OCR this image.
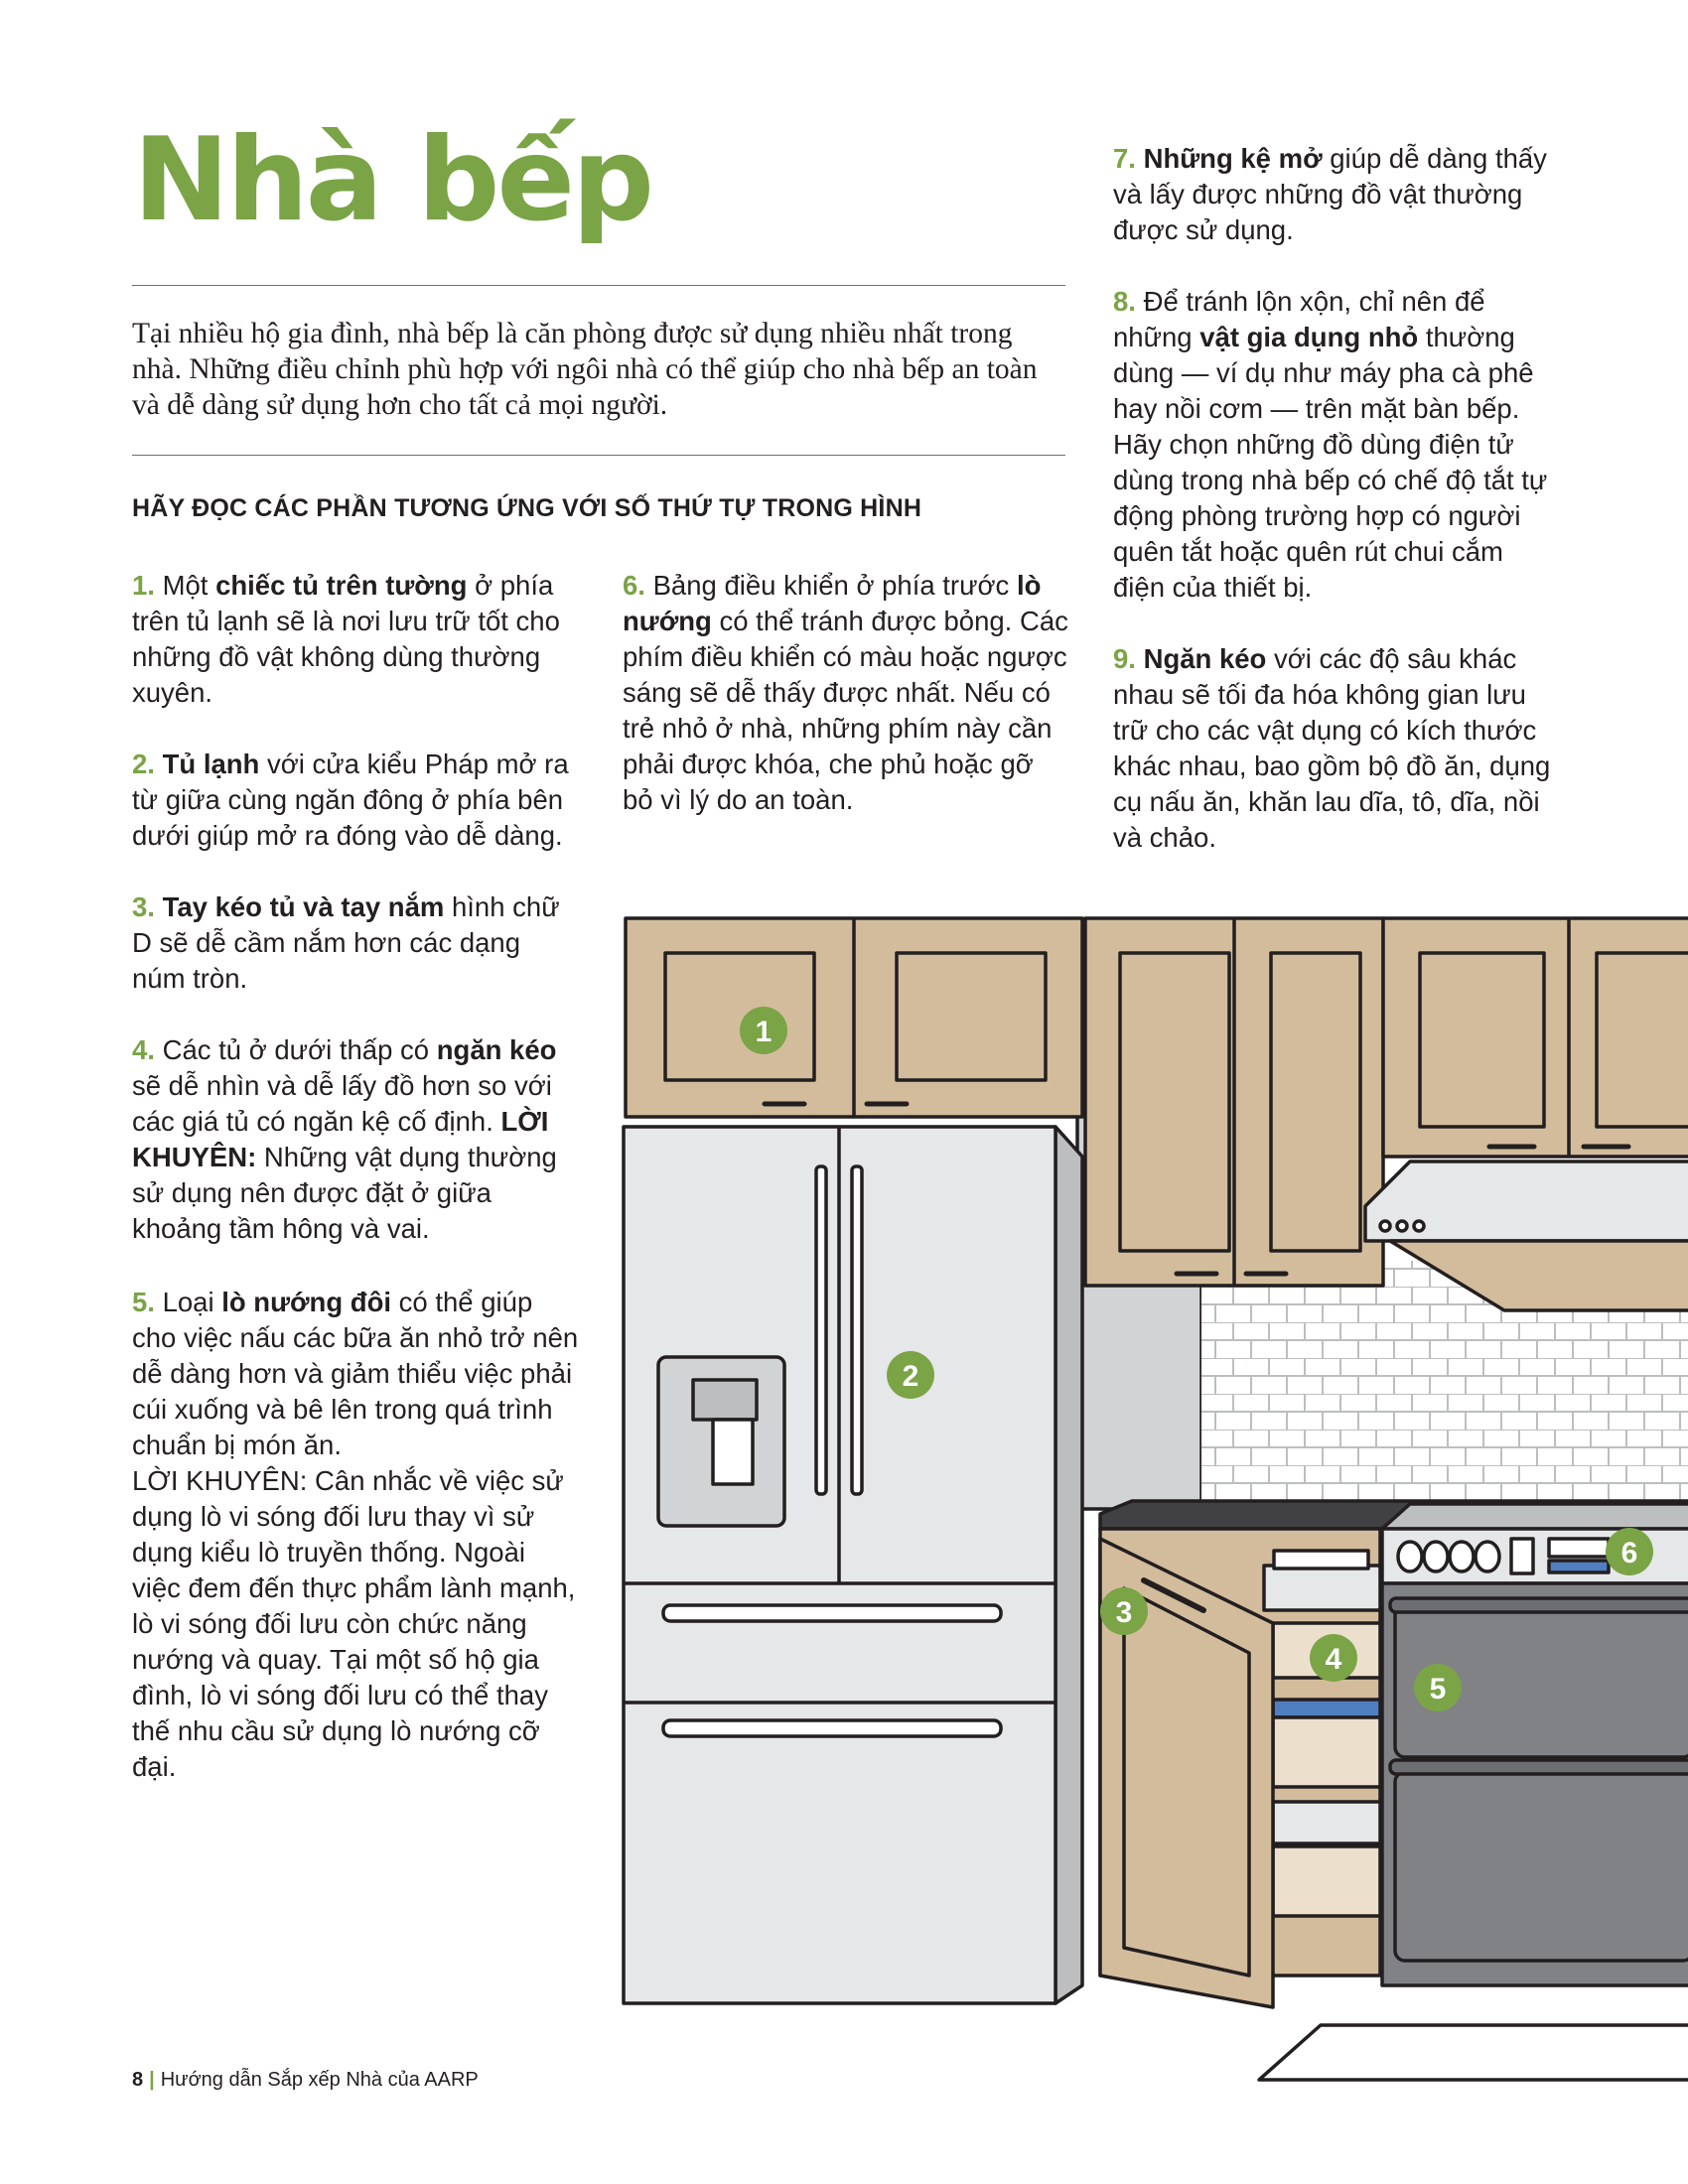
Nhà bếp

Tại nhiều hộ gia đình, nhà bếp là căn phòng được sử dụng nhiều nhất trong nhà. Những điều chỉnh phù hợp với ngôi nhà có thể giúp cho nhà bếp an toàn và dễ dàng sử dụng hơn cho tất cả mọi người.

HÃY ĐỌC CÁC PHẦN TƯƠNG ỨNG VỚI SỐ THỨ TỰ TRONG HÌNH

1. Một chiếc tủ trên tường ở phía trên tủ lạnh sẽ là nơi lưu trữ tốt cho những đồ vật không dùng thường xuyên.

2. Tủ lạnh với cửa kiểu Pháp mở ra từ giữa cùng ngăn đông ở phía bên dưới giúp mở ra đóng vào dễ dàng.

3. Tay kéo tủ và tay nắm hình chữ D sẽ dễ cầm nắm hơn các dạng núm tròn.

4. Các tủ ở dưới thấp có ngăn kéo sẽ dễ nhìn và dễ lấy đồ hơn so với các giá tủ có ngăn kệ cố định. LỜI KHUYÊN: Những vật dụng thường sử dụng nên được đặt ở giữa khoảng tầm hông và vai.

5. Loại lò nướng đôi có thể giúp cho việc nấu các bữa ăn nhỏ trở nên dễ dàng hơn và giảm thiểu việc phải cúi xuống và bê lên trong quá trình chuẩn bị món ăn.
LỜI KHUYÊN: Cân nhắc về việc sử dụng lò vi sóng đối lưu thay vì sử dụng kiểu lò truyền thống. Ngoài việc đem đến thực phẩm lành mạnh, lò vi sóng đối lưu còn chức năng nướng và quay. Tại một số hộ gia đình, lò vi sóng đối lưu có thể thay thế nhu cầu sử dụng lò nướng cỡ đại.

6. Bảng điều khiển ở phía trước lò nướng có thể tránh được bỏng. Các phím điều khiển có màu hoặc ngược sáng sẽ dễ thấy được nhất. Nếu có trẻ nhỏ ở nhà, những phím này cần phải được khóa, che phủ hoặc gỡ bỏ vì lý do an toàn.

7. Những kệ mở giúp dễ dàng thấy và lấy được những đồ vật thường được sử dụng.

8. Để tránh lộn xộn, chỉ nên để những vật gia dụng nhỏ thường dùng — ví dụ như máy pha cà phê hay nồi cơm — trên mặt bàn bếp. Hãy chọn những đồ dùng điện tử dùng trong nhà bếp có chế độ tắt tự động phòng trường hợp có người quên tắt hoặc quên rút chui cắm điện của thiết bị.

9. Ngăn kéo với các độ sâu khác nhau sẽ tối đa hóa không gian lưu trữ cho các vật dụng có kích thước khác nhau, bao gồm bộ đồ ăn, dụng cụ nấu ăn, khăn lau dĩa, tô, dĩa, nồi và chảo.

1
2
3
4
5
6

8 | Hướng dẫn Sắp xếp Nhà của AARP
